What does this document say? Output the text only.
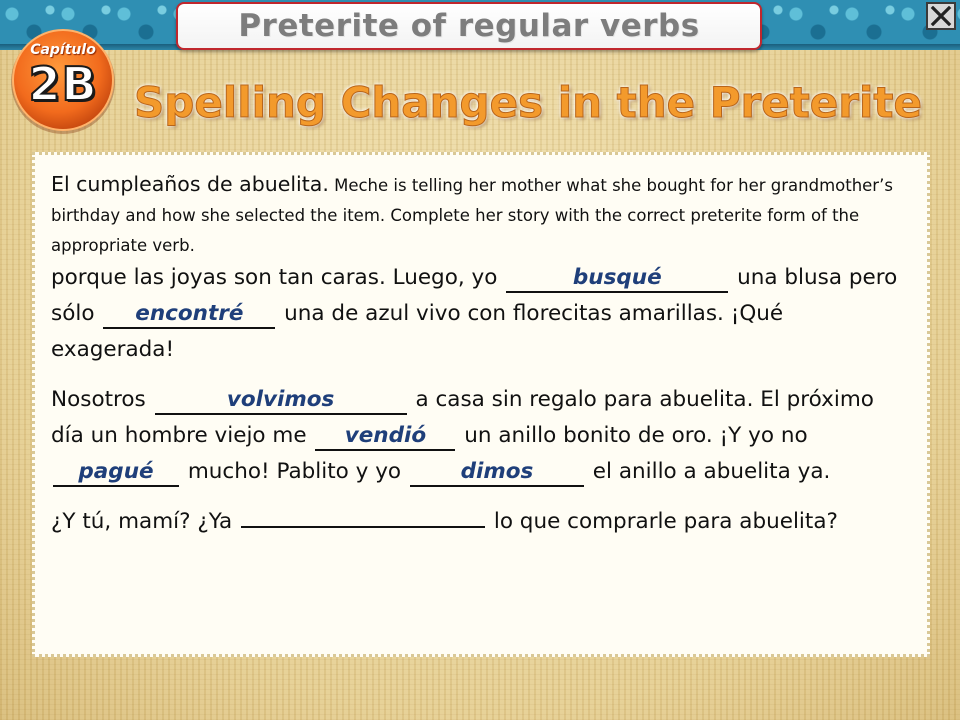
Preterite of regular verbs
Capítulo
2B Spelling Changes in the Preterite

El cumpleaños de abuelita. Meche is telling her mother what she bought for her grandmother’s birthday and how she selected the item. Complete her story with the correct preterite form of the appropriate verb.

porque las joyas son tan caras. Luego, yo	busqué	una blusa pero sólo encontré una de azul vivo con florecitas amarillas. ¡Qué exagerada!

Nosotros	volvimos	a casa sin regalo para abuelita. El próximo día un hombre viejo me vendió un anillo bonito de oro. ¡Y yo no pagué mucho! Pablito y yo	dimos	el anillo a abuelita ya.

¿Y tú, mamí? ¿Ya	lo que comprarle para abuelita?
